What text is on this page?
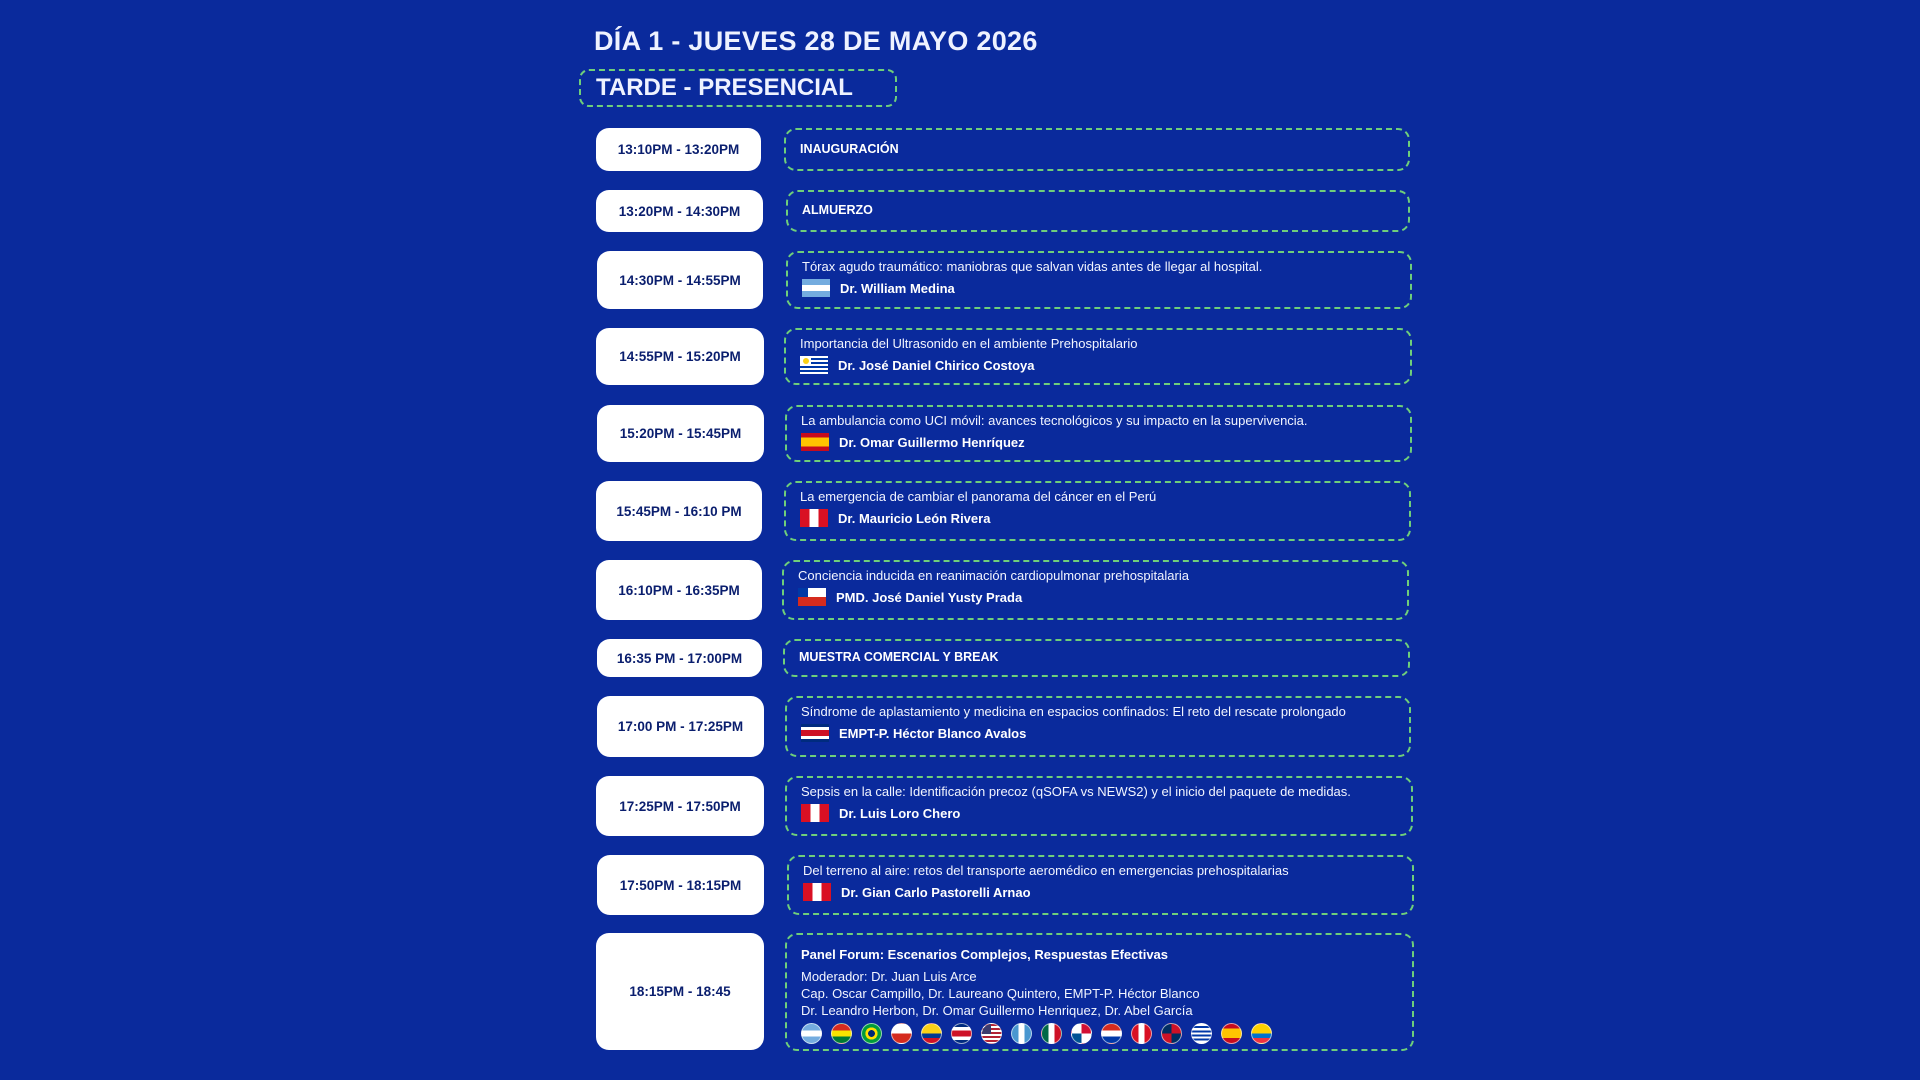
DÍA 1 - JUEVES 28 DE MAYO 2026
TARDE - PRESENCIAL
13:10PM - 13:20PM	INAUGURACIÓN
13:20PM - 14:30PM	ALMUERZO
14:30PM - 14:55PM
Tórax agudo traumático: maniobras que salvan vidas antes de llegar al hospital.
Dr. William Medina
14:55PM - 15:20PM
Importancia del Ultrasonido en el ambiente Prehospitalario
Dr. José Daniel Chirico Costoya
15:20PM - 15:45PM
La ambulancia como UCI móvil: avances tecnológicos y su impacto en la supervivencia.
Dr. Omar Guillermo Henríquez
15:45PM - 16:10 PM
La emergencia de cambiar el panorama del cáncer en el Perú
Dr. Mauricio León Rivera
16:10PM - 16:35PM
Conciencia inducida en reanimación cardiopulmonar prehospitalaria
PMD. José Daniel Yusty Prada
16:35 PM - 17:00PM	MUESTRA COMERCIAL Y BREAK
17:00 PM - 17:25PM
Síndrome de aplastamiento y medicina en espacios confinados: El reto del rescate prolongado
EMPT-P. Héctor Blanco Avalos
17:25PM - 17:50PM
Sepsis en la calle: Identificación precoz (qSOFA vs NEWS2) y el inicio del paquete de medidas.
Dr. Luis Loro Chero
17:50PM - 18:15PM
Del terreno al aire: retos del transporte aeromédico en emergencias prehospitalarias
Dr. Gian Carlo Pastorelli Arnao
18:15PM - 18:45
Panel Forum: Escenarios Complejos, Respuestas Efectivas
Moderador: Dr. Juan Luis Arce
Cap. Oscar Campillo, Dr. Laureano Quintero, EMPT-P. Héctor Blanco
Dr. Leandro Herbon, Dr. Omar Guillermo Henriquez, Dr. Abel García
